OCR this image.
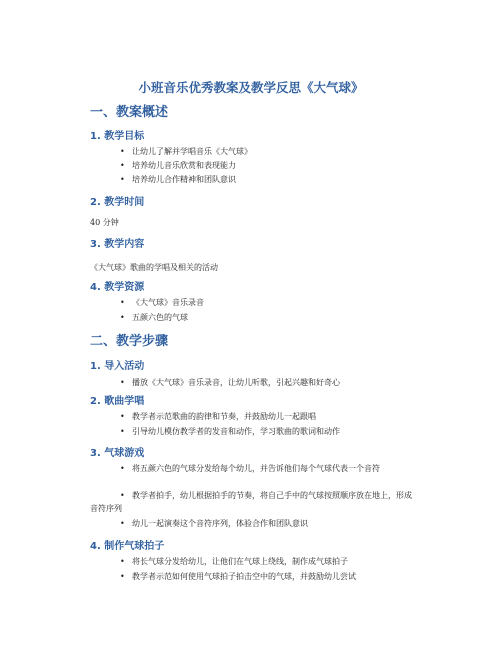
小班音乐优秀教案及教学反思《大气球》
一、教案概述
1. 教学目标
• 让幼儿了解并学唱音乐《大气球》
• 培养幼儿音乐欣赏和表现能力
• 培养幼儿合作精神和团队意识
2. 教学时间
40 分钟
3. 教学内容
《大气球》歌曲的学唱及相关的活动
4. 教学资源
• 《大气球》音乐录音
• 五颜六色的气球
二、教学步骤
1. 导入活动
• 播放《大气球》音乐录音，让幼儿听歌，引起兴趣和好奇心
2. 歌曲学唱
• 教学者示范歌曲的韵律和节奏，并鼓励幼儿一起跟唱
• 引导幼儿模仿教学者的发音和动作，学习歌曲的歌词和动作
3. 气球游戏
• 将五颜六色的气球分发给每个幼儿，并告诉他们每个气球代表一个音符
• 教学者拍手，幼儿根据拍手的节奏，将自己手中的气球按照顺序放在地上，形成音符序列
• 幼儿一起演奏这个音符序列，体验合作和团队意识
4. 制作气球拍子
• 将长气球分发给幼儿，让他们在气球上绕线，制作成气球拍子
• 教学者示范如何使用气球拍子拍击空中的气球，并鼓励幼儿尝试
